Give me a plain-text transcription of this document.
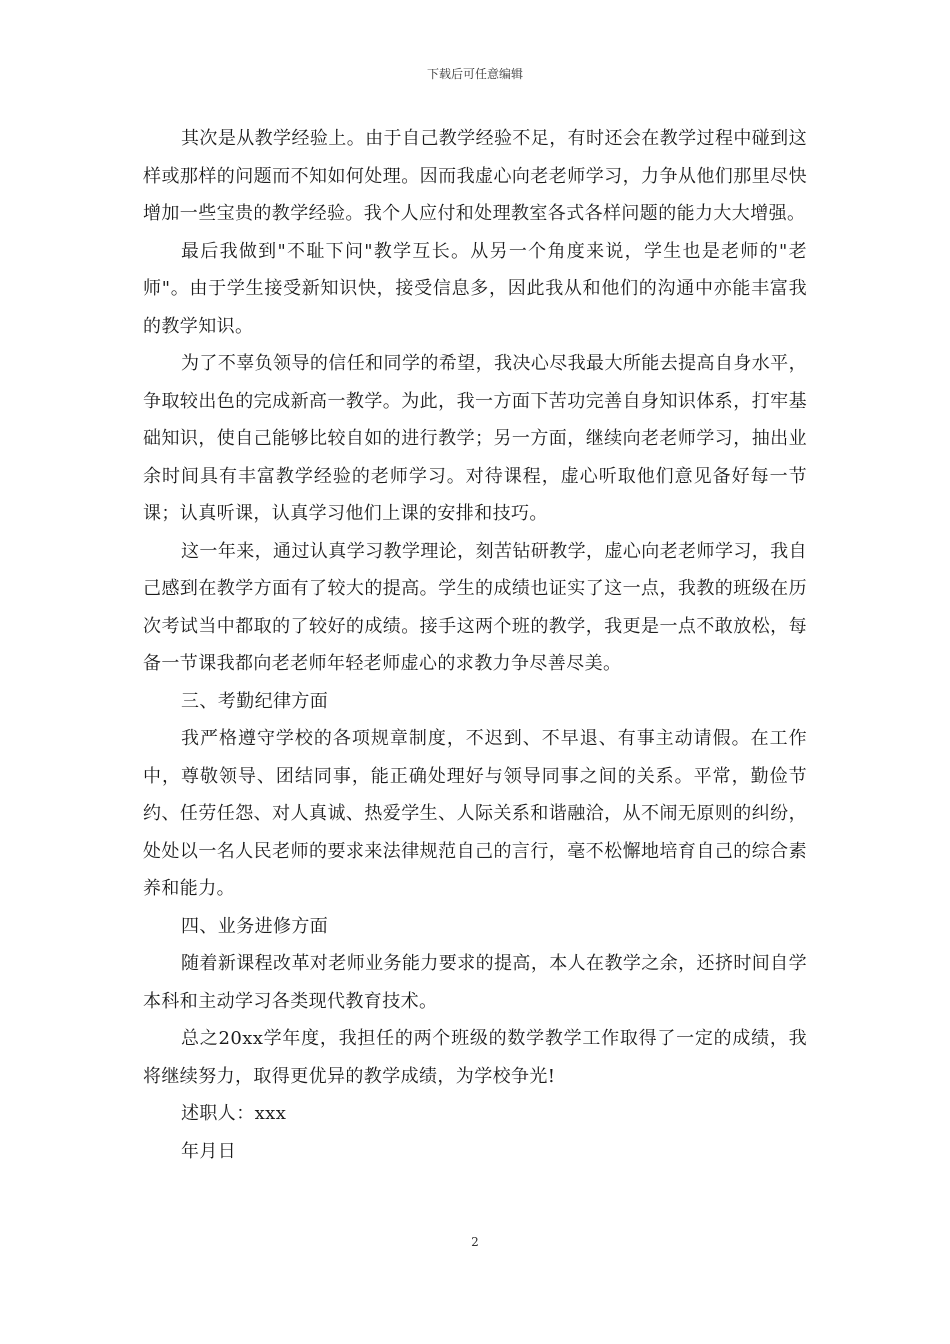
下载后可任意编辑

其次是从教学经验上。由于自己教学经验不足，有时还会在教学过程中碰到这样或那样的问题而不知如何处理。因而我虚心向老老师学习，力争从他们那里尽快增加一些宝贵的教学经验。我个人应付和处理教室各式各样问题的能力大大增强。

最后我做到"不耻下问"教学互长。从另一个角度来说，学生也是老师的"老师"。由于学生接受新知识快，接受信息多，因此我从和他们的沟通中亦能丰富我的教学知识。

为了不辜负领导的信任和同学的希望，我决心尽我最大所能去提高自身水平，争取较出色的完成新高一教学。为此，我一方面下苦功完善自身知识体系，打牢基础知识，使自己能够比较自如的进行教学；另一方面，继续向老老师学习，抽出业余时间具有丰富教学经验的老师学习。对待课程，虚心听取他们意见备好每一节课；认真听课，认真学习他们上课的安排和技巧。

这一年来，通过认真学习教学理论，刻苦钻研教学，虚心向老老师学习，我自己感到在教学方面有了较大的提高。学生的成绩也证实了这一点，我教的班级在历次考试当中都取的了较好的成绩。接手这两个班的教学，我更是一点不敢放松，每备一节课我都向老老师年轻老师虚心的求教力争尽善尽美。

三、考勤纪律方面

我严格遵守学校的各项规章制度，不迟到、不早退、有事主动请假。在工作中，尊敬领导、团结同事，能正确处理好与领导同事之间的关系。平常，勤俭节约、任劳任怨、对人真诚、热爱学生、人际关系和谐融洽，从不闹无原则的纠纷，处处以一名人民老师的要求来法律规范自己的言行，毫不松懈地培育自己的综合素养和能力。

四、业务进修方面

随着新课程改革对老师业务能力要求的提高，本人在教学之余，还挤时间自学本科和主动学习各类现代教育技术。

总之20xx学年度，我担任的两个班级的数学教学工作取得了一定的成绩，我将继续努力，取得更优异的教学成绩，为学校争光!

述职人：xxx

年月日

2
